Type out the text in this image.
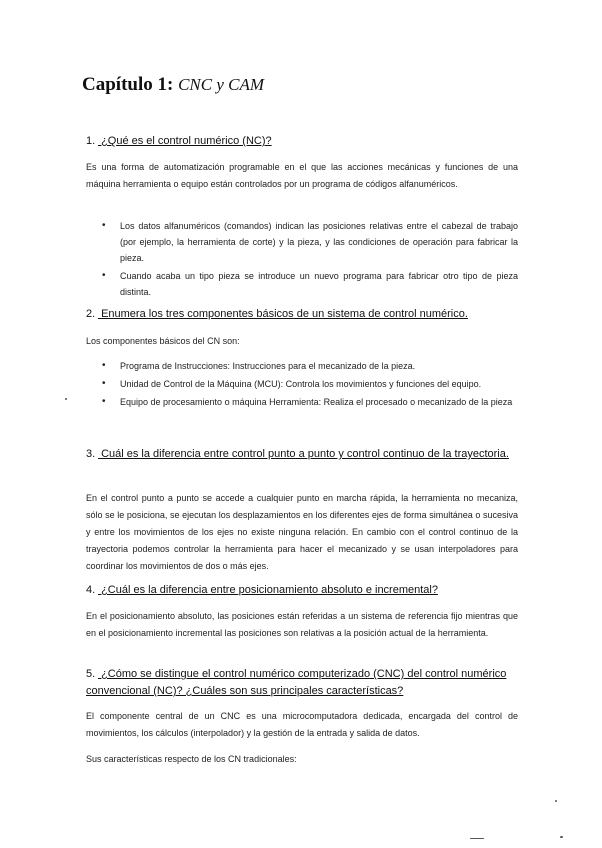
Capítulo 1: CNC y CAM
1. ¿Qué es el control numérico (NC)?
Es una forma de automatización programable en el que las acciones mecánicas y funciones de una máquina herramienta o equipo están controlados por un programa de códigos alfanuméricos.
• Los datos alfanuméricos (comandos) indican las posiciones relativas entre el cabezal de trabajo (por ejemplo, la herramienta de corte) y la pieza, y las condiciones de operación para fabricar la pieza.
• Cuando acaba un tipo pieza se introduce un nuevo programa para fabricar otro tipo de pieza distinta.
2. Enumera los tres componentes básicos de un sistema de control numérico.
Los componentes básicos del CN son:
• Programa de Instrucciones: Instrucciones para el mecanizado de la pieza.
• Unidad de Control de la Máquina (MCU): Controla los movimientos y funciones del equipo.
• Equipo de procesamiento o máquina Herramienta: Realiza el procesado o mecanizado de la pieza
3. Cuál es la diferencia entre control punto a punto y control continuo de la trayectoria.
En el control punto a punto se accede a cualquier punto en marcha rápida, la herramienta no mecaniza, sólo se le posiciona, se ejecutan los desplazamientos en los diferentes ejes de forma simultánea o sucesiva y entre los movimientos de los ejes no existe ninguna relación. En cambio con el control continuo de la trayectoria podemos controlar la herramienta para hacer el mecanizado y se usan interpoladores para coordinar los movimientos de dos o más ejes.
4. ¿Cuál es la diferencia entre posicionamiento absoluto e incremental?
En el posicionamiento absoluto, las posiciones están referidas a un sistema de referencia fijo mientras que en el posicionamiento incremental las posiciones son relativas a la posición actual de la herramienta.
5. ¿Cómo se distingue el control numérico computerizado (CNC) del control numérico convencional (NC)? ¿Cuáles son sus principales características?
El componente central de un CNC es una microcomputadora dedicada, encargada del control de movimientos, los cálculos (interpolador) y la gestión de la entrada y salida de datos.
Sus características respecto de los CN tradicionales:
